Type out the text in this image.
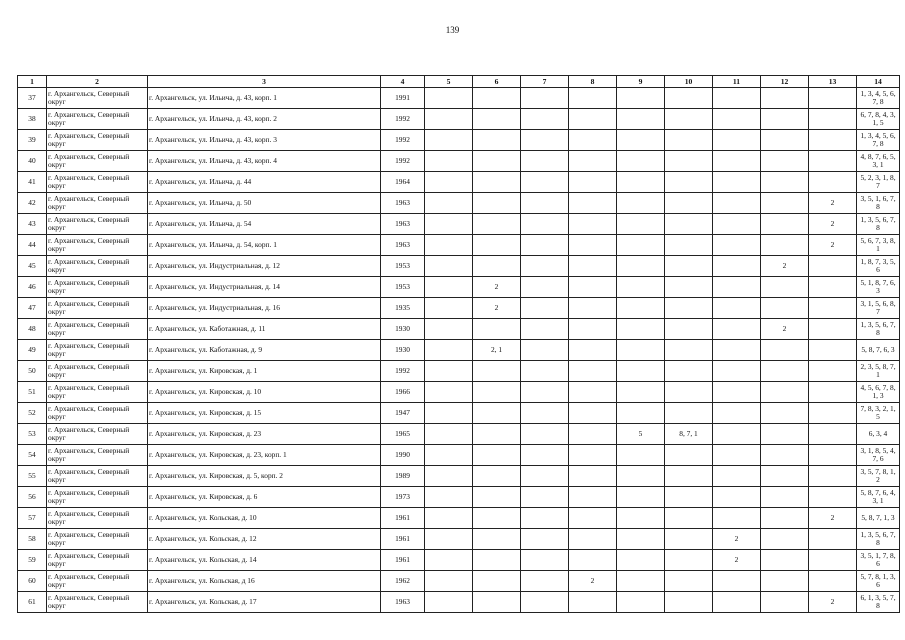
139
1	2	3	4	5	6	7	8	9	10	11	12	13	14
37	г. Архангельск, Северный округ	г. Архангельск, ул. Ильича, д. 43, корп. 1	1991										1, 3, 4, 5, 6, 7, 8
38	г. Архангельск, Северный округ	г. Архангельск, ул. Ильича, д. 43, корп. 2	1992										6, 7, 8, 4, 3, 1, 5
39	г. Архангельск, Северный округ	г. Архангельск, ул. Ильича, д. 43, корп. 3	1992										1, 3, 4, 5, 6, 7, 8
40	г. Архангельск, Северный округ	г. Архангельск, ул. Ильича, д. 43, корп. 4	1992										4, 8, 7, 6, 5, 3, 1
41	г. Архангельск, Северный округ	г. Архангельск, ул. Ильича, д. 44	1964										5, 2, 3, 1, 8, 7
42	г. Архангельск, Северный округ	г. Архангельск, ул. Ильича, д. 50	1963									2	3, 5, 1, 6, 7, 8
43	г. Архангельск, Северный округ	г. Архангельск, ул. Ильича, д. 54	1963									2	1, 3, 5, 6, 7, 8
44	г. Архангельск, Северный округ	г. Архангельск, ул. Ильича, д. 54, корп. 1	1963									2	5, 6, 7, 3, 8, 1
45	г. Архангельск, Северный округ	г. Архангельск, ул. Индустриальная, д. 12	1953								2		1, 8, 7, 3, 5, 6
46	г. Архангельск, Северный округ	г. Архангельск, ул. Индустриальная, д. 14	1953		2								5, 1, 8, 7, 6, 3
47	г. Архангельск, Северный округ	г. Архангельск, ул. Индустриальная, д. 16	1935		2								3, 1, 5, 6, 8, 7
48	г. Архангельск, Северный округ	г. Архангельск, ул. Каботажная, д. 11	1930								2		1, 3, 5, 6, 7, 8
49	г. Архангельск, Северный округ	г. Архангельск, ул. Каботажная, д. 9	1930		2, 1								5, 8, 7, 6, 3
50	г. Архангельск, Северный округ	г. Архангельск, ул. Кировская, д. 1	1992										2, 3, 5, 8, 7, 1
51	г. Архангельск, Северный округ	г. Архангельск, ул. Кировская, д. 10	1966										4, 5, 6, 7, 8, 1, 3
52	г. Архангельск, Северный округ	г. Архангельск, ул. Кировская, д. 15	1947										7, 8, 3, 2, 1, 5
53	г. Архангельск, Северный округ	г. Архангельск, ул. Кировская, д. 23	1965					5	8, 7, 1				6, 3, 4
54	г. Архангельск, Северный округ	г. Архангельск, ул. Кировская, д. 23, корп. 1	1990										3, 1, 8, 5, 4, 7, 6
55	г. Архангельск, Северный округ	г. Архангельск, ул. Кировская, д. 5, корп. 2	1989										3, 5, 7, 8, 1, 2
56	г. Архангельск, Северный округ	г. Архангельск, ул. Кировская, д. 6	1973										5, 8, 7, 6, 4, 3, 1
57	г. Архангельск, Северный округ	г. Архангельск, ул. Кольская, д. 10	1961									2	5, 8, 7, 1, 3
58	г. Архангельск, Северный округ	г. Архангельск, ул. Кольская, д. 12	1961							2			1, 3, 5, 6, 7, 8
59	г. Архангельск, Северный округ	г. Архангельск, ул. Кольская, д. 14	1961							2			3, 5, 1, 7, 8, 6
60	г. Архангельск, Северный округ	г. Архангельск, ул. Кольская, д 16	1962				2						5, 7, 8, 1, 3, 6
61	г. Архангельск, Северный округ	г. Архангельск, ул. Кольская, д. 17	1963									2	6, 1, 3, 5, 7, 8
